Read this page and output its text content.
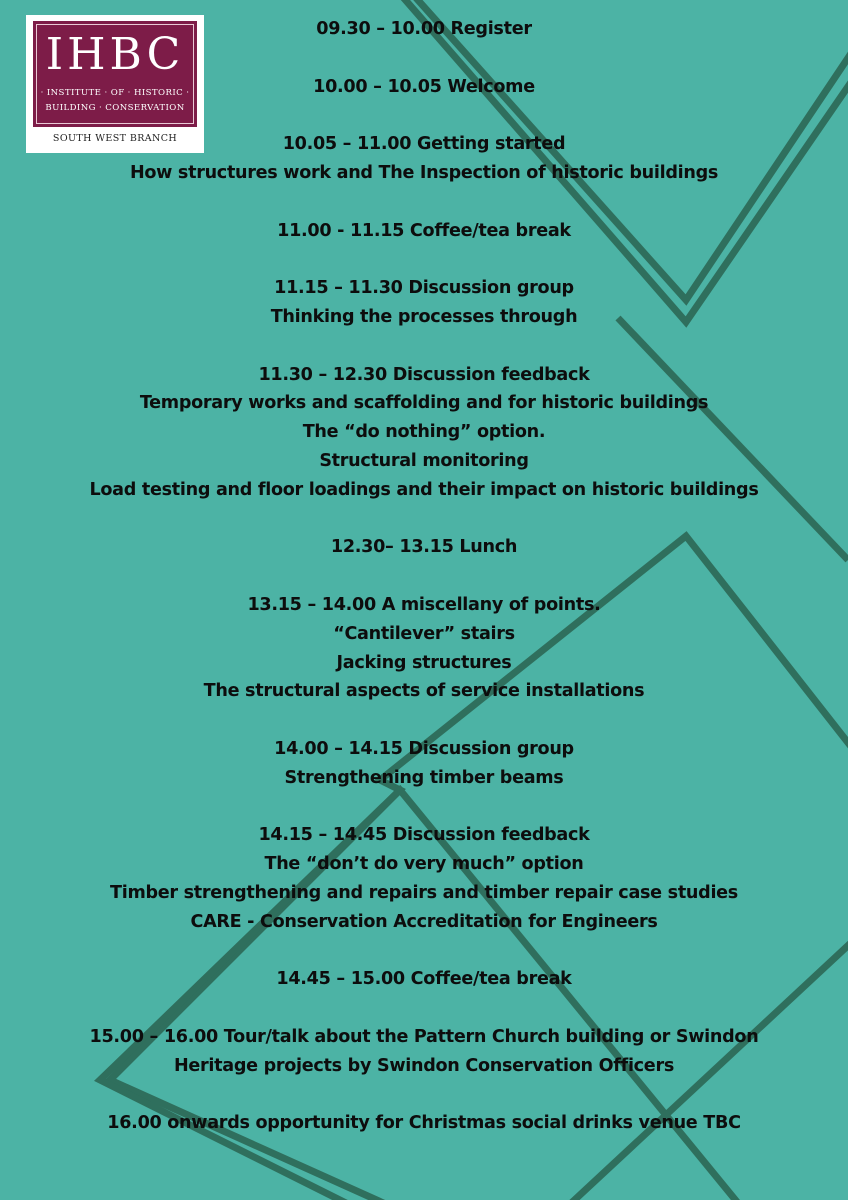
IHBC
· INSTITUTE · OF · HISTORIC ·
BUILDING · CONSERVATION
SOUTH WEST BRANCH
09.30 – 10.00 Register
10.00 – 10.05 Welcome
10.05 – 11.00 Getting started
How structures work and The Inspection of historic buildings
11.00 - 11.15 Coffee/tea break
11.15 – 11.30 Discussion group
Thinking the processes through
11.30 – 12.30 Discussion feedback
Temporary works and scaffolding and for historic buildings
The “do nothing” option.
Structural monitoring
Load testing and floor loadings and their impact on historic buildings
12.30– 13.15 Lunch
13.15 – 14.00 A miscellany of points.
“Cantilever” stairs
Jacking structures
The structural aspects of service installations
14.00 – 14.15 Discussion group
Strengthening timber beams
14.15 – 14.45 Discussion feedback
The “don’t do very much” option
Timber strengthening and repairs and timber repair case studies
CARE - Conservation Accreditation for Engineers
14.45 – 15.00 Coffee/tea break
15.00 – 16.00 Tour/talk about the Pattern Church building or Swindon
Heritage projects by Swindon Conservation Officers
16.00 onwards opportunity for Christmas social drinks venue TBC
